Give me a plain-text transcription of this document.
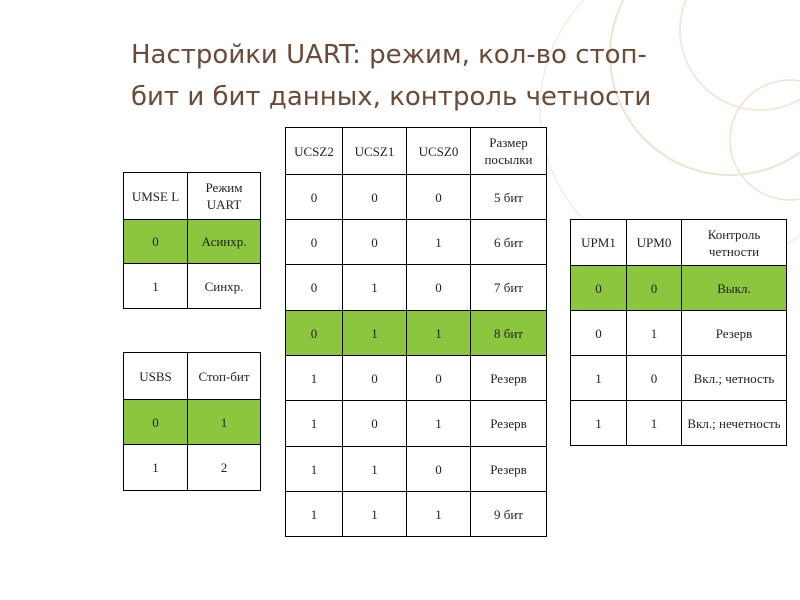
Настройки UART: режим, кол-во стоп-
бит и бит данных, контроль четности
UMSE L	Режим UART
0	Асинхр.
1	Синхр.
USBS	Стоп-бит
0	1
1	2
UCSZ2	UCSZ1	UCSZ0	Размер посылки
0	0	0	5 бит
0	0	1	6 бит
0	1	0	7 бит
0	1	1	8 бит
1	0	0	Резерв
1	0	1	Резерв
1	1	0	Резерв
1	1	1	9 бит
UPM1	UPM0	Контроль четности
0	0	Выкл.
0	1	Резерв
1	0	Вкл.; четность
1	1	Вкл.; нечетность
